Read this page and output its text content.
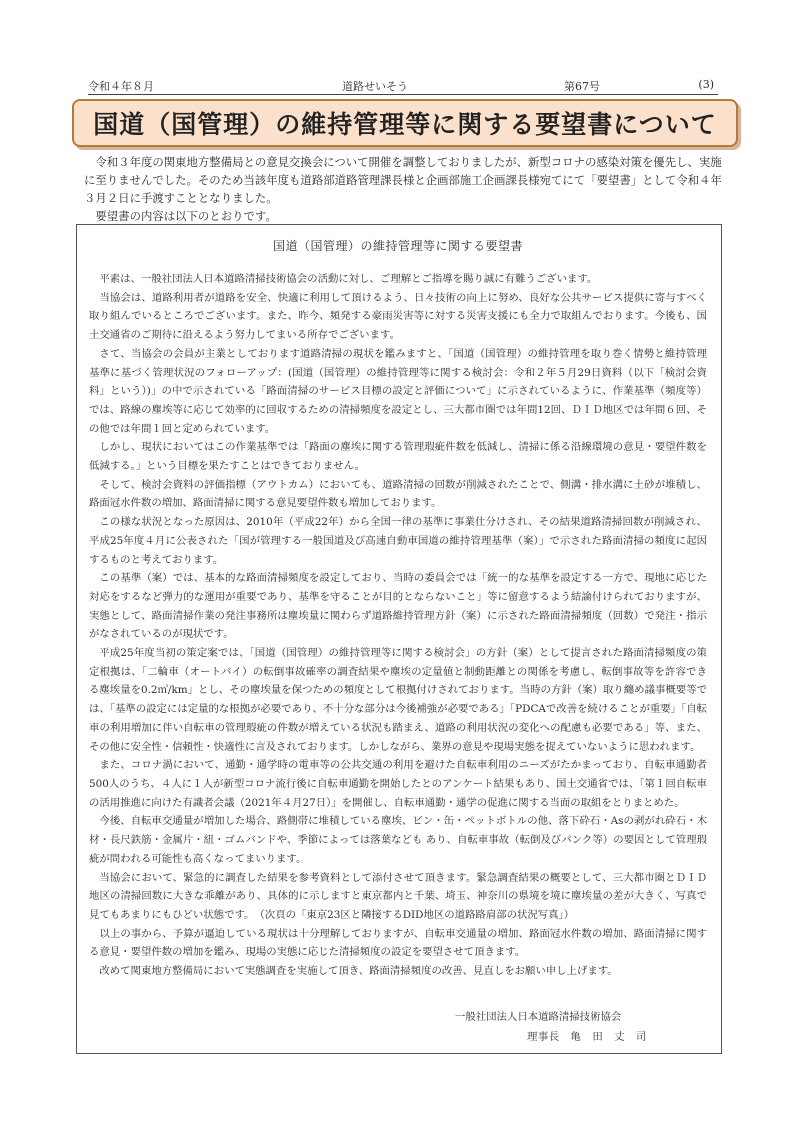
令和４年８月	道路せいそう	第67号	(3)
国道（国管理）の維持管理等に関する要望書について

令和３年度の関東地方整備局との意見交換会について開催を調整しておりましたが、新型コロナの感染対策を優先し、実施に至りませんでした。そのため当該年度も道路部道路管理課長様と企画部施工企画課長様宛てにて「要望書」として令和４年３月２日に手渡すこととなりました。

要望書の内容は以下のとおりです。

国道（国管理）の維持管理等に関する要望書

平素は、一般社団法人日本道路清掃技術協会の活動に対し、ご理解とご指導を賜り誠に有難うございます。

当協会は、道路利用者が道路を安全、快適に利用して頂けるよう、日々技術の向上に努め、良好な公共サービス提供に寄与すべく取り組んでいるところでございます。また、昨今、頻発する豪雨災害等に対する災害支援にも全力で取組んでおります。今後も、国土交通省のご期待に沿えるよう努力してまいる所存でございます。

さて、当協会の会員が主業としております道路清掃の現状を鑑みますと、「国道（国管理）の維持管理を取り巻く情勢と維持管理基準に基づく管理状況のフォローアップ：(国道（国管理）の維持管理等に関する検討会：令和２年５月29日資料（以下「検討会資料」という）)」の中で示されている「路面清掃のサービス目標の設定と評価について」に示されているように、作業基準（頻度等）では、路線の塵埃等に応じて効率的に回収するための清掃頻度を設定とし、三大都市圏では年間12回、ＤＩＤ地区では年間６回、その他では年間１回と定められています。

しかし、現状においてはこの作業基準では「路面の塵埃に関する管理瑕疵件数を低減し、清掃に係る沿線環境の意見・要望件数を低減する。」という目標を果たすことはできておりません。

そして、検討会資料の評価指標（アウトカム）においても、道路清掃の回数が削減されたことで、側溝・排水溝に土砂が堆積し、路面冠水件数の増加、路面清掃に関する意見要望件数も増加しております。

この様な状況となった原因は、2010年（平成22年）から全国一律の基準に事業仕分けされ、その結果道路清掃回数が削減され、平成25年度４月に公表された「国が管理する一般国道及び高速自動車国道の維持管理基準（案）」で示された路面清掃の頻度に起因するものと考えております。

この基準（案）では、基本的な路面清掃頻度を設定しており、当時の委員会では「統一的な基準を設定する一方で、現地に応じた対応をするなど弾力的な運用が重要であり、基準を守ることが目的とならないこと」等に留意するよう結論付けられておりますが、実態として、路面清掃作業の発注事務所は塵埃量に関わらず道路維持管理方針（案）に示された路面清掃頻度（回数）で発注・指示がなされているのが現状です。

平成25年度当初の策定案では、「国道（国管理）の維持管理等に関する検討会」の方針（案）として提言された路面清掃頻度の策定根拠は、「二輪車（オートバイ）の転倒事故確率の調査結果や塵埃の定量値と制動距離との関係を考慮し、転倒事故等を許容できる塵埃量を0.2㎥/km」とし、その塵埃量を保つための頻度として根拠付けされております。当時の方針（案）取り纏め議事概要等では、「基準の設定には定量的な根拠が必要であり、不十分な部分は今後補強が必要である」「PDCAで改善を続けることが重要」「自転車の利用増加に伴い自転車の管理瑕疵の件数が増えている状況も踏まえ、道路の利用状況の変化への配慮も必要である」等、また、その他に安全性・信頼性・快適性に言及されております。しかしながら、業界の意見や現場実態を捉えていないように思われます。

また、コロナ渦において、通勤・通学時の電車等の公共交通の利用を避けた自転車利用のニーズがたかまっており、自転車通勤者500人のうち、４人に１人が新型コロナ流行後に自転車通勤を開始したとのアンケート結果もあり、国土交通省では、「第１回自転車の活用推進に向けた有識者会議（2021年４月27日）」を開催し、自転車通勤・通学の促進に関する当面の取組をとりまとめた。

今後、自転車交通量が増加した場合、路側帯に堆積している塵埃、ビン・缶・ペットボトルの他、落下砕石・Asの剥がれ砕石・木材・長尺鉄筋・金属片・紐・ゴムバンドや、季節によっては落葉なども あり、自転車事故（転倒及びパンク等）の要因として管理瑕疵が問われる可能性も高くなってまいります。

当協会において、緊急的に調査した結果を参考資料として添付させて頂きます。緊急調査結果の概要として、三大都市圏とＤＩＤ地区の清掃回数に大きな乖離があり、具体的に示しますと東京都内と千葉、埼玉、神奈川の県境を境に塵埃量の差が大きく、写真で見てもあまりにもひどい状態です。　（次頁の「東京23区と隣接するDID地区の道路路肩部の状況写真」）

以上の事から、予算が逼迫している現状は十分理解しておりますが、自転車交通量の増加、路面冠水件数の増加、路面清掃に関する意見・要望件数の増加を鑑み、現場の実態に応じた清掃頻度の設定を要望させて頂きます。

改めて関東地方整備局において実態調査を実施して頂き、路面清掃頻度の改善、見直しをお願い申し上げます。

一般社団法人日本道路清掃技術協会
理事長　亀　田　丈　司
